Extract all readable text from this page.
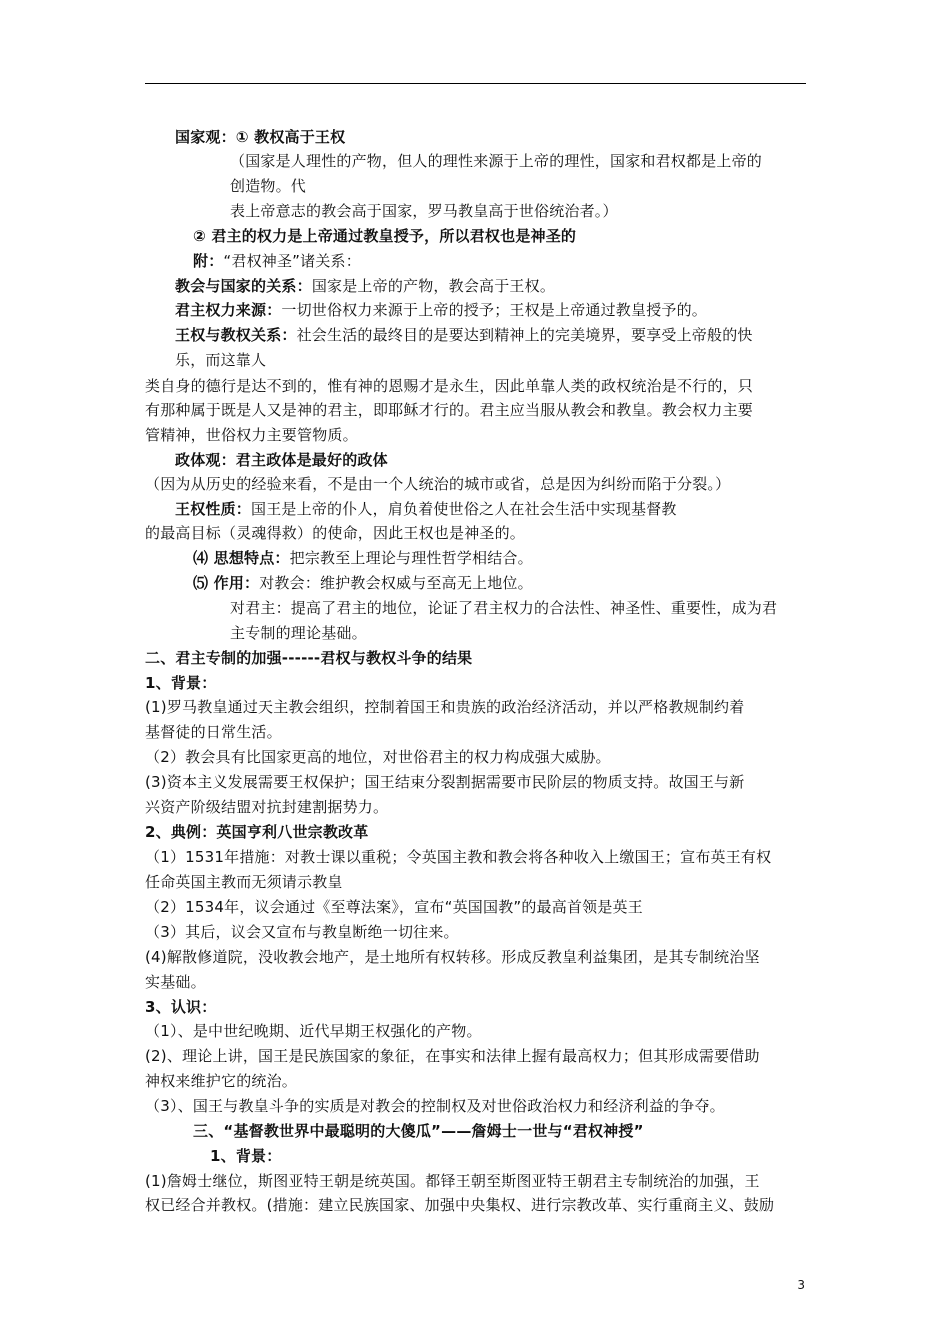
国家观：① 教权高于王权
（国家是人理性的产物，但人的理性来源于上帝的理性，国家和君权都是上帝的
创造物。代
表上帝意志的教会高于国家，罗马教皇高于世俗统治者。）
② 君主的权力是上帝通过教皇授予，所以君权也是神圣的
附：“君权神圣”诸关系：
教会与国家的关系：国家是上帝的产物，教会高于王权。
君主权力来源：一切世俗权力来源于上帝的授予；王权是上帝通过教皇授予的。
王权与教权关系：社会生活的最终目的是要达到精神上的完美境界，要享受上帝般的快
乐，而这靠人
类自身的德行是达不到的，惟有神的恩赐才是永生，因此单靠人类的政权统治是不行的，只
有那种属于既是人又是神的君主，即耶稣才行的。君主应当服从教会和教皇。教会权力主要
管精神，世俗权力主要管物质。
政体观：君主政体是最好的政体
（因为从历史的经验来看，不是由一个人统治的城市或省，总是因为纠纷而陷于分裂。）
王权性质：国王是上帝的仆人，肩负着使世俗之人在社会生活中实现基督教
的最高目标（灵魂得救）的使命，因此王权也是神圣的。
⑷ 思想特点：把宗教至上理论与理性哲学相结合。
⑸ 作用：对教会：维护教会权威与至高无上地位。
对君主：提高了君主的地位，论证了君主权力的合法性、神圣性、重要性，成为君
主专制的理论基础。
二、君主专制的加强------君权与教权斗争的结果
1、背景：
(1)罗马教皇通过天主教会组织，控制着国王和贵族的政治经济活动，并以严格教规制约着
基督徒的日常生活。
（2）教会具有比国家更高的地位，对世俗君主的权力构成强大威胁。
(3)资本主义发展需要王权保护；国王结束分裂割据需要市民阶层的物质支持。故国王与新
兴资产阶级结盟对抗封建割据势力。
2、典例：英国亨利八世宗教改革
（1）1531年措施：对教士课以重税；令英国主教和教会将各种收入上缴国王；宣布英王有权
任命英国主教而无须请示教皇
（2）1534年，议会通过《至尊法案》，宣布“英国国教”的最高首领是英王
（3）其后，议会又宣布与教皇断绝一切往来。
(4)解散修道院，没收教会地产，是土地所有权转移。形成反教皇利益集团，是其专制统治坚
实基础。
3、认识：
（1）、是中世纪晚期、近代早期王权强化的产物。
(2)、理论上讲，国王是民族国家的象征，在事实和法律上握有最高权力；但其形成需要借助
神权来维护它的统治。
（3）、国王与教皇斗争的实质是对教会的控制权及对世俗政治权力和经济利益的争夺。
三、“基督教世界中最聪明的大傻瓜”——詹姆士一世与“君权神授”
1、背景：
(1)詹姆士继位，斯图亚特王朝是统英国。都铎王朝至斯图亚特王朝君主专制统治的加强，王
权已经合并教权。(措施：建立民族国家、加强中央集权、进行宗教改革、实行重商主义、鼓励
3
